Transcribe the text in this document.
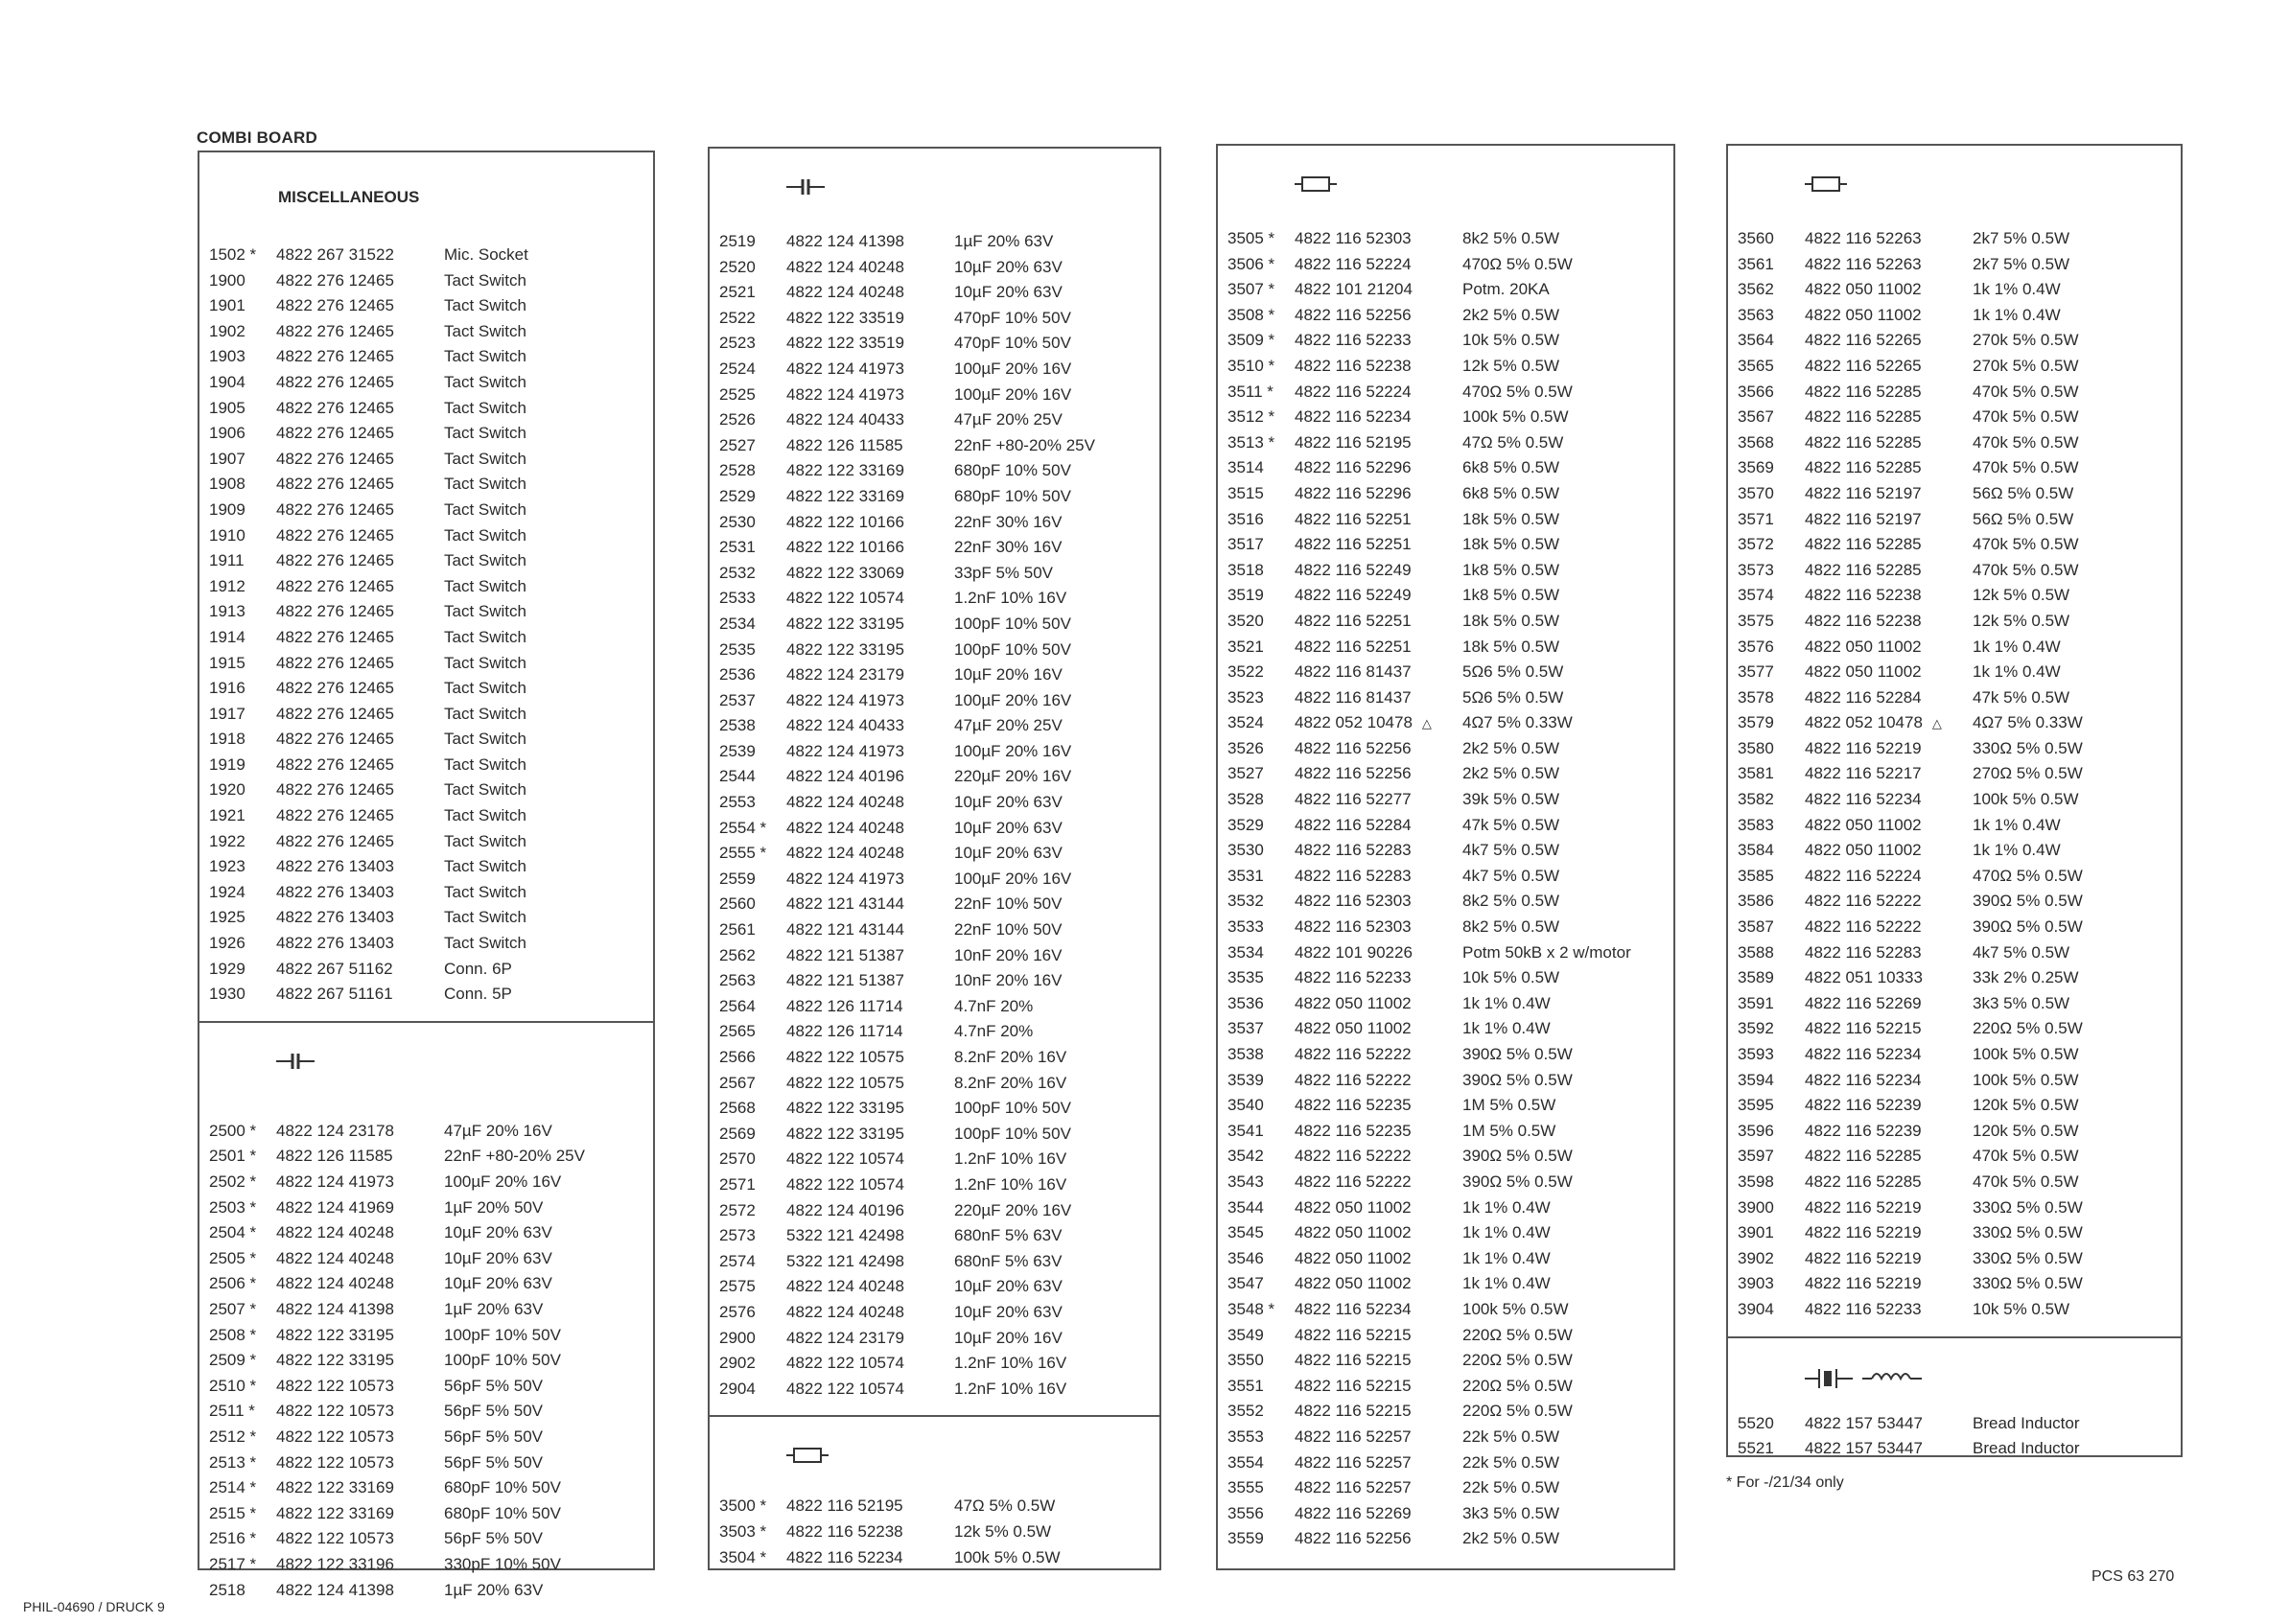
COMBI BOARD
MISCELLANEOUS
1502 *	4822 267 31522	Mic. Socket
1900	4822 276 12465	Tact Switch
1901	4822 276 12465	Tact Switch
1902	4822 276 12465	Tact Switch
1903	4822 276 12465	Tact Switch
1904	4822 276 12465	Tact Switch
1905	4822 276 12465	Tact Switch
1906	4822 276 12465	Tact Switch
1907	4822 276 12465	Tact Switch
1908	4822 276 12465	Tact Switch
1909	4822 276 12465	Tact Switch
1910	4822 276 12465	Tact Switch
1911	4822 276 12465	Tact Switch
1912	4822 276 12465	Tact Switch
1913	4822 276 12465	Tact Switch
1914	4822 276 12465	Tact Switch
1915	4822 276 12465	Tact Switch
1916	4822 276 12465	Tact Switch
1917	4822 276 12465	Tact Switch
1918	4822 276 12465	Tact Switch
1919	4822 276 12465	Tact Switch
1920	4822 276 12465	Tact Switch
1921	4822 276 12465	Tact Switch
1922	4822 276 12465	Tact Switch
1923	4822 276 13403	Tact Switch
1924	4822 276 13403	Tact Switch
1925	4822 276 13403	Tact Switch
1926	4822 276 13403	Tact Switch
1929	4822 267 51162	Conn. 6P
1930	4822 267 51161	Conn. 5P
2500 *	4822 124 23178	47µF 20% 16V
2501 *	4822 126 11585	22nF +80-20% 25V
2502 *	4822 124 41973	100µF 20% 16V
2503 *	4822 124 41969	1µF 20% 50V
2504 *	4822 124 40248	10µF 20% 63V
2505 *	4822 124 40248	10µF 20% 63V
2506 *	4822 124 40248	10µF 20% 63V
2507 *	4822 124 41398	1µF 20% 63V
2508 *	4822 122 33195	100pF 10% 50V
2509 *	4822 122 33195	100pF 10% 50V
2510 *	4822 122 10573	56pF 5% 50V
2511 *	4822 122 10573	56pF 5% 50V
2512 *	4822 122 10573	56pF 5% 50V
2513 *	4822 122 10573	56pF 5% 50V
2514 *	4822 122 33169	680pF 10% 50V
2515 *	4822 122 33169	680pF 10% 50V
2516 *	4822 122 10573	56pF 5% 50V
2517 *	4822 122 33196	330pF 10% 50V
2518	4822 124 41398	1µF 20% 63V
2519	4822 124 41398	1µF 20% 63V
2520	4822 124 40248	10µF 20% 63V
2521	4822 124 40248	10µF 20% 63V
2522	4822 122 33519	470pF 10% 50V
2523	4822 122 33519	470pF 10% 50V
2524	4822 124 41973	100µF 20% 16V
2525	4822 124 41973	100µF 20% 16V
2526	4822 124 40433	47µF 20% 25V
2527	4822 126 11585	22nF +80-20% 25V
2528	4822 122 33169	680pF 10% 50V
2529	4822 122 33169	680pF 10% 50V
2530	4822 122 10166	22nF 30% 16V
2531	4822 122 10166	22nF 30% 16V
2532	4822 122 33069	33pF 5% 50V
2533	4822 122 10574	1.2nF 10% 16V
2534	4822 122 33195	100pF 10% 50V
2535	4822 122 33195	100pF 10% 50V
2536	4822 124 23179	10µF 20% 16V
2537	4822 124 41973	100µF 20% 16V
2538	4822 124 40433	47µF 20% 25V
2539	4822 124 41973	100µF 20% 16V
2544	4822 124 40196	220µF 20% 16V
2553	4822 124 40248	10µF 20% 63V
2554 *	4822 124 40248	10µF 20% 63V
2555 *	4822 124 40248	10µF 20% 63V
2559	4822 124 41973	100µF 20% 16V
2560	4822 121 43144	22nF 10% 50V
2561	4822 121 43144	22nF 10% 50V
2562	4822 121 51387	10nF 20% 16V
2563	4822 121 51387	10nF 20% 16V
2564	4822 126 11714	4.7nF 20%
2565	4822 126 11714	4.7nF 20%
2566	4822 122 10575	8.2nF 20% 16V
2567	4822 122 10575	8.2nF 20% 16V
2568	4822 122 33195	100pF 10% 50V
2569	4822 122 33195	100pF 10% 50V
2570	4822 122 10574	1.2nF 10% 16V
2571	4822 122 10574	1.2nF 10% 16V
2572	4822 124 40196	220µF 20% 16V
2573	5322 121 42498	680nF 5% 63V
2574	5322 121 42498	680nF 5% 63V
2575	4822 124 40248	10µF 20% 63V
2576	4822 124 40248	10µF 20% 63V
2900	4822 124 23179	10µF 20% 16V
2902	4822 122 10574	1.2nF 10% 16V
2904	4822 122 10574	1.2nF 10% 16V
3500 *	4822 116 52195	47Ω 5% 0.5W
3503 *	4822 116 52238	12k 5% 0.5W
3504 *	4822 116 52234	100k 5% 0.5W
3505 *	4822 116 52303	8k2 5% 0.5W
3506 *	4822 116 52224	470Ω 5% 0.5W
3507 *	4822 101 21204	Potm. 20KA
3508 *	4822 116 52256	2k2 5% 0.5W
3509 *	4822 116 52233	10k 5% 0.5W
3510 *	4822 116 52238	12k 5% 0.5W
3511 *	4822 116 52224	470Ω 5% 0.5W
3512 *	4822 116 52234	100k 5% 0.5W
3513 *	4822 116 52195	47Ω 5% 0.5W
3514	4822 116 52296	6k8 5% 0.5W
3515	4822 116 52296	6k8 5% 0.5W
3516	4822 116 52251	18k 5% 0.5W
3517	4822 116 52251	18k 5% 0.5W
3518	4822 116 52249	1k8 5% 0.5W
3519	4822 116 52249	1k8 5% 0.5W
3520	4822 116 52251	18k 5% 0.5W
3521	4822 116 52251	18k 5% 0.5W
3522	4822 116 81437	5Ω6 5% 0.5W
3523	4822 116 81437	5Ω6 5% 0.5W
3524	4822 052 10478 △	4Ω7 5% 0.33W
3526	4822 116 52256	2k2 5% 0.5W
3527	4822 116 52256	2k2 5% 0.5W
3528	4822 116 52277	39k 5% 0.5W
3529	4822 116 52284	47k 5% 0.5W
3530	4822 116 52283	4k7 5% 0.5W
3531	4822 116 52283	4k7 5% 0.5W
3532	4822 116 52303	8k2 5% 0.5W
3533	4822 116 52303	8k2 5% 0.5W
3534	4822 101 90226	Potm 50kB x 2 w/motor
3535	4822 116 52233	10k 5% 0.5W
3536	4822 050 11002	1k 1% 0.4W
3537	4822 050 11002	1k 1% 0.4W
3538	4822 116 52222	390Ω 5% 0.5W
3539	4822 116 52222	390Ω 5% 0.5W
3540	4822 116 52235	1M 5% 0.5W
3541	4822 116 52235	1M 5% 0.5W
3542	4822 116 52222	390Ω 5% 0.5W
3543	4822 116 52222	390Ω 5% 0.5W
3544	4822 050 11002	1k 1% 0.4W
3545	4822 050 11002	1k 1% 0.4W
3546	4822 050 11002	1k 1% 0.4W
3547	4822 050 11002	1k 1% 0.4W
3548 *	4822 116 52234	100k 5% 0.5W
3549	4822 116 52215	220Ω 5% 0.5W
3550	4822 116 52215	220Ω 5% 0.5W
3551	4822 116 52215	220Ω 5% 0.5W
3552	4822 116 52215	220Ω 5% 0.5W
3553	4822 116 52257	22k 5% 0.5W
3554	4822 116 52257	22k 5% 0.5W
3555	4822 116 52257	22k 5% 0.5W
3556	4822 116 52269	3k3 5% 0.5W
3559	4822 116 52256	2k2 5% 0.5W
3560	4822 116 52263	2k7 5% 0.5W
3561	4822 116 52263	2k7 5% 0.5W
3562	4822 050 11002	1k 1% 0.4W
3563	4822 050 11002	1k 1% 0.4W
3564	4822 116 52265	270k 5% 0.5W
3565	4822 116 52265	270k 5% 0.5W
3566	4822 116 52285	470k 5% 0.5W
3567	4822 116 52285	470k 5% 0.5W
3568	4822 116 52285	470k 5% 0.5W
3569	4822 116 52285	470k 5% 0.5W
3570	4822 116 52197	56Ω 5% 0.5W
3571	4822 116 52197	56Ω 5% 0.5W
3572	4822 116 52285	470k 5% 0.5W
3573	4822 116 52285	470k 5% 0.5W
3574	4822 116 52238	12k 5% 0.5W
3575	4822 116 52238	12k 5% 0.5W
3576	4822 050 11002	1k 1% 0.4W
3577	4822 050 11002	1k 1% 0.4W
3578	4822 116 52284	47k 5% 0.5W
3579	4822 052 10478 △	4Ω7 5% 0.33W
3580	4822 116 52219	330Ω 5% 0.5W
3581	4822 116 52217	270Ω 5% 0.5W
3582	4822 116 52234	100k 5% 0.5W
3583	4822 050 11002	1k 1% 0.4W
3584	4822 050 11002	1k 1% 0.4W
3585	4822 116 52224	470Ω 5% 0.5W
3586	4822 116 52222	390Ω 5% 0.5W
3587	4822 116 52222	390Ω 5% 0.5W
3588	4822 116 52283	4k7 5% 0.5W
3589	4822 051 10333	33k 2% 0.25W
3591	4822 116 52269	3k3 5% 0.5W
3592	4822 116 52215	220Ω 5% 0.5W
3593	4822 116 52234	100k 5% 0.5W
3594	4822 116 52234	100k 5% 0.5W
3595	4822 116 52239	120k 5% 0.5W
3596	4822 116 52239	120k 5% 0.5W
3597	4822 116 52285	470k 5% 0.5W
3598	4822 116 52285	470k 5% 0.5W
3900	4822 116 52219	330Ω 5% 0.5W
3901	4822 116 52219	330Ω 5% 0.5W
3902	4822 116 52219	330Ω 5% 0.5W
3903	4822 116 52219	330Ω 5% 0.5W
3904	4822 116 52233	10k 5% 0.5W
5520	4822 157 53447	Bread Inductor
5521	4822 157 53447	Bread Inductor
* For -/21/34 only
PHIL-04690 / DRUCK 9
PCS 63 270
